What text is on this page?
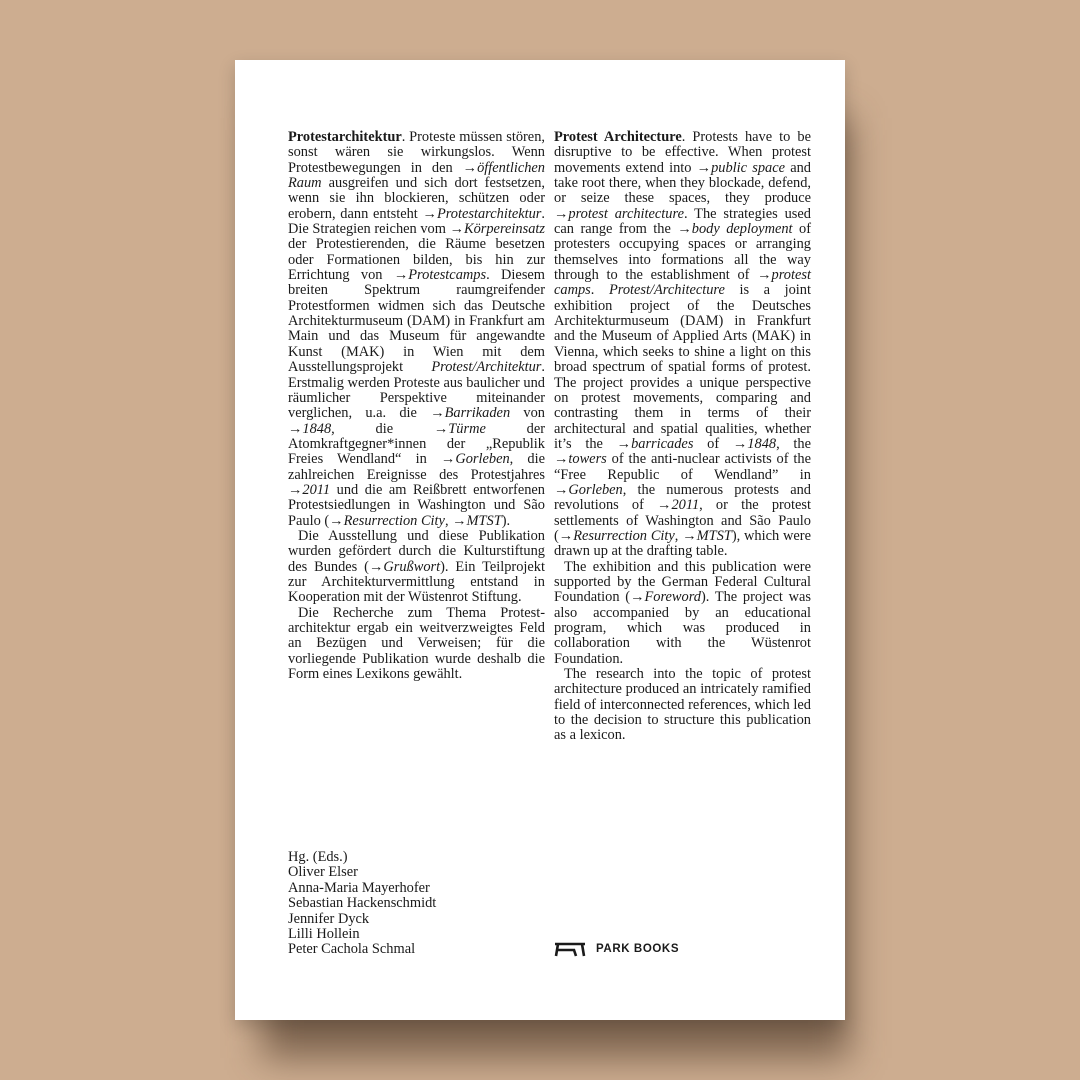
Protestarchitektur. Proteste müssen stören, sonst wären sie wirkungslos. Wenn Protestbewegungen in den →öffentlichen Raum ausgreifen und sich dort festsetzen, wenn sie ihn blockieren, schützen oder erobern, dann entsteht →Protestarchitektur. Die Strategien reichen vom →Körpereinsatz der Protestierenden, die Räume besetzen oder Formationen bilden, bis hin zur Errichtung von →Protestcamps. Diesem breiten Spektrum raumgreifender Protestformen widmen sich das Deutsche Architekturmuseum (DAM) in Frankfurt am Main und das Museum für angewandte Kunst (MAK) in Wien mit dem Ausstellungsprojekt Protest/Architektur. Erstmalig werden Proteste aus baulicher und räumlicher Perspektive miteinander verglichen, u.a. die →Barrikaden von →1848, die →Türme der Atomkraftgegner*innen der „Republik Freies Wendland“ in →Gorleben, die zahlreichen Ereignisse des Protestjahres →2011 und die am Reißbrett entworfenen Protestsiedlungen in Washington und São Paulo (→Resurrection City, →MTST).

Die Ausstellung und diese Publikation wurden gefördert durch die Kulturstiftung des Bundes (→Grußwort). Ein Teilprojekt zur Architekturvermittlung entstand in Kooperation mit der Wüstenrot Stiftung.

Die Recherche zum Thema Protestarchitektur ergab ein weitverzweigtes Feld an Bezügen und Verweisen; für die vorliegende Publikation wurde deshalb die Form eines Lexikons gewählt.

Protest Architecture. Protests have to be disruptive to be effective. When protest movements extend into →public space and take root there, when they blockade, defend, or seize these spaces, they produce →protest architecture. The strategies used can range from the →body deployment of protesters occupying spaces or arranging themselves into formations all the way through to the establishment of →protest camps. Protest/Architecture is a joint exhibition project of the Deutsches Architekturmuseum (DAM) in Frankfurt and the Museum of Applied Arts (MAK) in Vienna, which seeks to shine a light on this broad spectrum of spatial forms of protest. The project provides a unique perspective on protest movements, comparing and contrasting them in terms of their architectural and spatial qualities, whether it’s the →barricades of →1848, the →towers of the anti-nuclear activists of the “Free Republic of Wendland” in →Gorleben, the numerous protests and revolutions of →2011, or the protest settlements of Washington and São Paulo (→Resurrection City, →MTST), which were drawn up at the drafting table.

The exhibition and this publication were supported by the German Federal Cultural Foundation (→Foreword). The project was also accompanied by an educational program, which was produced in collaboration with the Wüstenrot Foundation.

The research into the topic of protest architecture produced an intricately ramified field of interconnected references, which led to the decision to structure this publication as a lexicon.

Hg. (Eds.)
Oliver Elser
Anna-Maria Mayerhofer
Sebastian Hackenschmidt
Jennifer Dyck
Lilli Hollein
Peter Cachola Schmal	PARK BOOKS
